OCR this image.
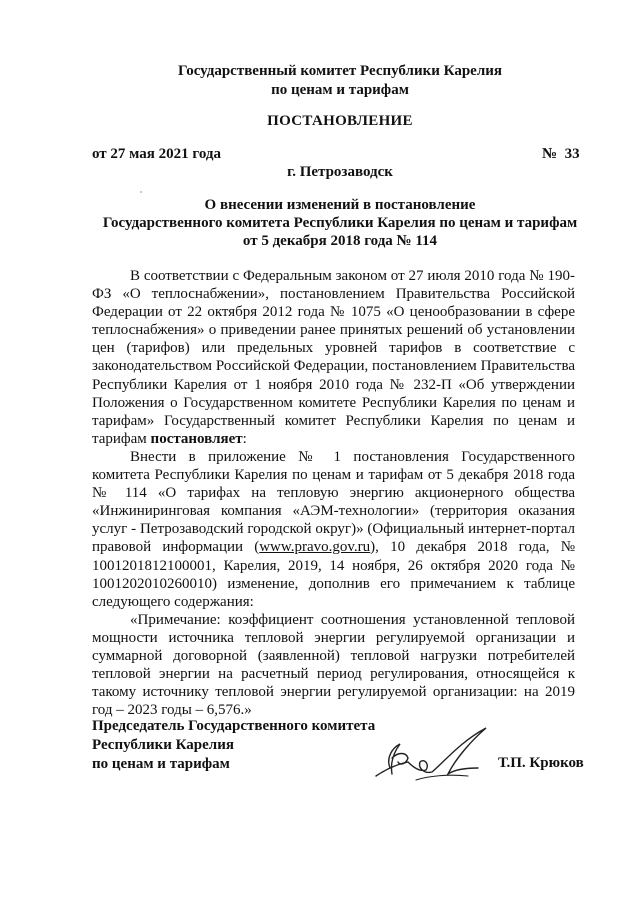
Государственный комитет Республики Карелия
по ценам и тарифам
ПОСТАНОВЛЕНИЕ
от 27 мая 2021 года	№  33
г. Петрозаводск
О внесении изменений в постановление
Государственного комитета Республики Карелия по ценам и тарифам
от 5 декабря 2018 года № 114

В соответствии с Федеральным законом от 27 июля 2010 года № 190-ФЗ «О теплоснабжении», постановлением Правительства Российской Федерации от 22 октября 2012 года № 1075 «О ценообразовании в сфере теплоснабжения» о приведении ранее принятых решений об установлении цен (тарифов) или предельных уровней тарифов в соответствие с законодательством Российской Федерации, постановлением Правительства Республики Карелия от 1 ноября 2010 года № 232-П «Об утверждении Положения о Государственном комитете Республики Карелия по ценам и тарифам» Государственный комитет Республики Карелия по ценам и тарифам постановляет:

Внести в приложение № 1 постановления Государственного комитета Республики Карелия по ценам и тарифам от 5 декабря 2018 года № 114 «О тарифах на тепловую энергию акционерного общества «Инжиниринговая компания «АЭМ-технологии» (территория оказания услуг - Петрозаводский городской округ)» (Официальный интернет-портал правовой информации (www.pravo.gov.ru), 10 декабря 2018 года, № 1001201812100001, Карелия, 2019, 14 ноября, 26 октября 2020 года № 1001202010260010) изменение, дополнив его примечанием к таблице следующего содержания:

«Примечание: коэффициент соотношения установленной тепловой мощности источника тепловой энергии регулируемой организации и суммарной договорной (заявленной) тепловой нагрузки потребителей тепловой энергии на расчетный период регулирования, относящейся к такому источнику тепловой энергии регулируемой организации: на 2019 год – 2023 годы – 6,576.»

Председатель Государственного комитета
Республики Карелия
по ценам и тарифам	Т.П. Крюков
